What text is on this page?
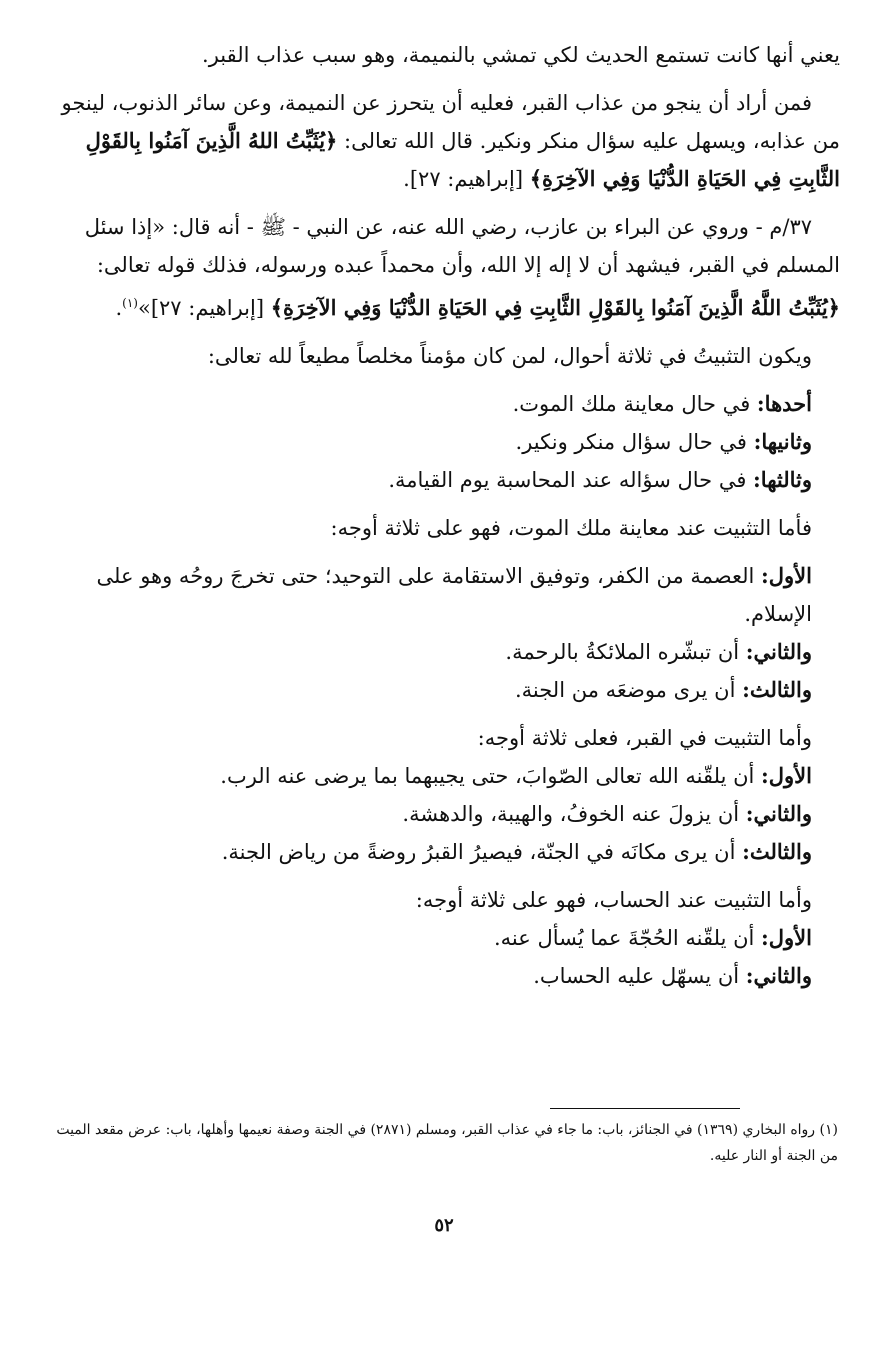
يعني أنها كانت تستمع الحديث لكي تمشي بالنميمة، وهو سبب عذاب القبر.

فمن أراد أن ينجو من عذاب القبر، فعليه أن يتحرز عن النميمة، وعن سائر الذنوب، لينجو من عذابه، ويسهل عليه سؤال منكر ونكير. قال الله تعالى: ﴿يُثَبِّتُ اللهُ الَّذِينَ آمَنُوا بِالقَوْلِ الثَّابِتِ فِي الحَيَاةِ الدُّنْيَا وَفِي الآخِرَةِ﴾ [إبراهيم: ٢٧].

٣٧/م - وروي عن البراء بن عازب، رضي الله عنه، عن النبي - ﷺ - أنه قال: «إذا سئل المسلم في القبر، فيشهد أن لا إله إلا الله، وأن محمداً عبده ورسوله، فذلك قوله تعالى: ﴿يُثَبِّتُ اللَّهُ الَّذِينَ آمَنُوا بِالقَوْلِ الثَّابِتِ فِي الحَيَاةِ الدُّنْيَا وَفِي الآخِرَةِ﴾ [إبراهيم: ٢٧]»$^{(١)}$.

ويكون التثبيتُ في ثلاثة أحوال، لمن كان مؤمناً مخلصاً مطيعاً لله تعالى:

أحدها: في حال معاينة ملك الموت.

وثانيها: في حال سؤال منكر ونكير.

وثالثها: في حال سؤاله عند المحاسبة يوم القيامة.

فأما التثبيت عند معاينة ملك الموت، فهو على ثلاثة أوجه:

الأول: العصمة من الكفر، وتوفيق الاستقامة على التوحيد؛ حتى تخرجَ روحُه وهو على الإسلام.

والثاني: أن تبشّره الملائكةُ بالرحمة.

والثالث: أن يرى موضعَه من الجنة.

وأما التثبيت في القبر، فعلى ثلاثة أوجه:

الأول: أن يلقّنه الله تعالى الصّوابَ، حتى يجيبهما بما يرضى عنه الرب.

والثاني: أن يزولَ عنه الخوفُ، والهيبة، والدهشة.

والثالث: أن يرى مكانَه في الجنّة، فيصيرُ القبرُ روضةً من رياض الجنة.

وأما التثبيت عند الحساب، فهو على ثلاثة أوجه:

الأول: أن يلقّنه الحُجّةَ عما يُسأل عنه.

والثاني: أن يسهّل عليه الحساب.

(١) رواه البخاري (١٣٦٩) في الجنائز، باب: ما جاء في عذاب القبر، ومسلم (٢٨٧١) في الجنة وصفة نعيمها وأهلها، باب: عرض مقعد الميت من الجنة أو النار عليه.

٥٢
